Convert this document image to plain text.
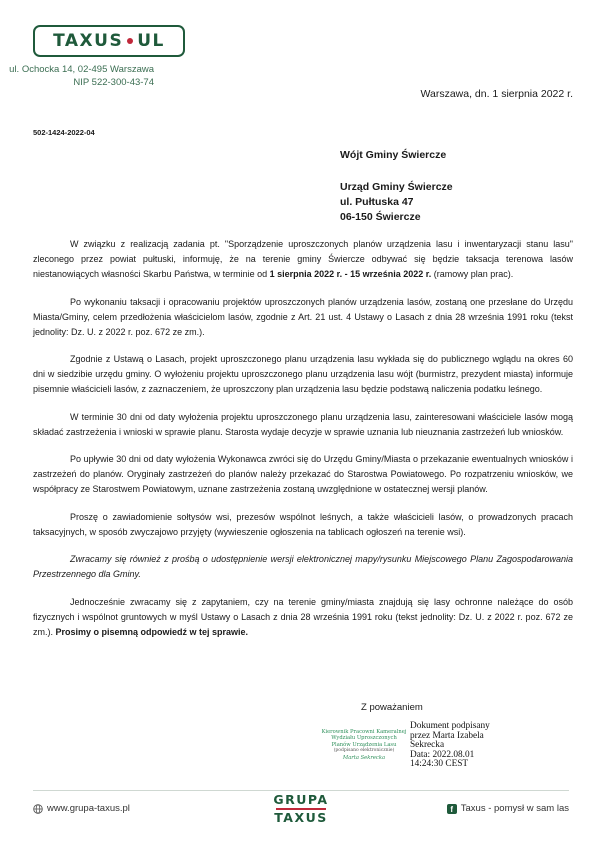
TAXUS UL
ul. Ochocka 14, 02-495 Warszawa
NIP 522-300-43-74
Warszawa, dn. 1 sierpnia 2022 r.
502-1424-2022-04
Wójt Gminy Świercze
Urząd Gminy Świercze
ul. Pułtuska 47
06-150 Świercze

W związku z realizacją zadania pt. "Sporządzenie uproszczonych planów urządzenia lasu i inwentaryzacji stanu lasu" zleconego przez powiat pułtuski, informuję, że na terenie gminy Świercze odbywać się będzie taksacja terenowa lasów niestanowiących własności Skarbu Państwa, w terminie od 1 sierpnia 2022 r. - 15 września 2022 r. (ramowy plan prac).

Po wykonaniu taksacji i opracowaniu projektów uproszczonych planów urządzenia lasów, zostaną one przesłane do Urzędu Miasta/Gminy, celem przedłożenia właścicielom lasów, zgodnie z Art. 21 ust. 4 Ustawy o Lasach z dnia 28 września 1991 roku (tekst jednolity: Dz. U. z 2022 r. poz. 672 ze zm.).

Zgodnie z Ustawą o Lasach, projekt uproszczonego planu urządzenia lasu wykłada się do publicznego wglądu na okres 60 dni w siedzibie urzędu gminy. O wyłożeniu projektu uproszczonego planu urządzenia lasu wójt (burmistrz, prezydent miasta) informuje pisemnie właścicieli lasów, z zaznaczeniem, że uproszczony plan urządzenia lasu będzie podstawą naliczenia podatku leśnego.

W terminie 30 dni od daty wyłożenia projektu uproszczonego planu urządzenia lasu, zainteresowani właściciele lasów mogą składać zastrzeżenia i wnioski w sprawie planu. Starosta wydaje decyzje w sprawie uznania lub nieuznania zastrzeżeń lub wniosków.

Po upływie 30 dni od daty wyłożenia Wykonawca zwróci się do Urzędu Gminy/Miasta o przekazanie ewentualnych wniosków i zastrzeżeń do planów. Oryginały zastrzeżeń do planów należy przekazać do Starostwa Powiatowego. Po rozpatrzeniu wniosków, we współpracy ze Starostwem Powiatowym, uznane zastrzeżenia zostaną uwzględnione w ostatecznej wersji planów.

Proszę o zawiadomienie sołtysów wsi, prezesów wspólnot leśnych, a także właścicieli lasów, o prowadzonych pracach taksacyjnych, w sposób zwyczajowo przyjęty (wywieszenie ogłoszenia na tablicach ogłoszeń na terenie wsi).

Zwracamy się również z prośbą o udostępnienie wersji elektronicznej mapy/rysunku Miejscowego Planu Zagospodarowania Przestrzennego dla Gminy.

Jednocześnie zwracamy się z zapytaniem, czy na terenie gminy/miasta znajdują się lasy ochronne należące do osób fizycznych i wspólnot gruntowych w myśl Ustawy o Lasach z dnia 28 września 1991 roku (tekst jednolity: Dz. U. z 2022 r. poz. 672 ze zm.). Prosimy o pisemną odpowiedź w tej sprawie.

Z poważaniem
Kierownik Pracowni Kameralnej
Wydziału Uproszczonych
Planów Urządzenia Lasu
(podpisano elektronicznie)
Marta Sekrecka
Dokument podpisany
przez Marta Izabela
Sekrecka
Data: 2022.08.01
14:24:30 CEST
www.grupa-taxus.pl
GRUPA
TAXUS
f Taxus - pomysł w sam las
